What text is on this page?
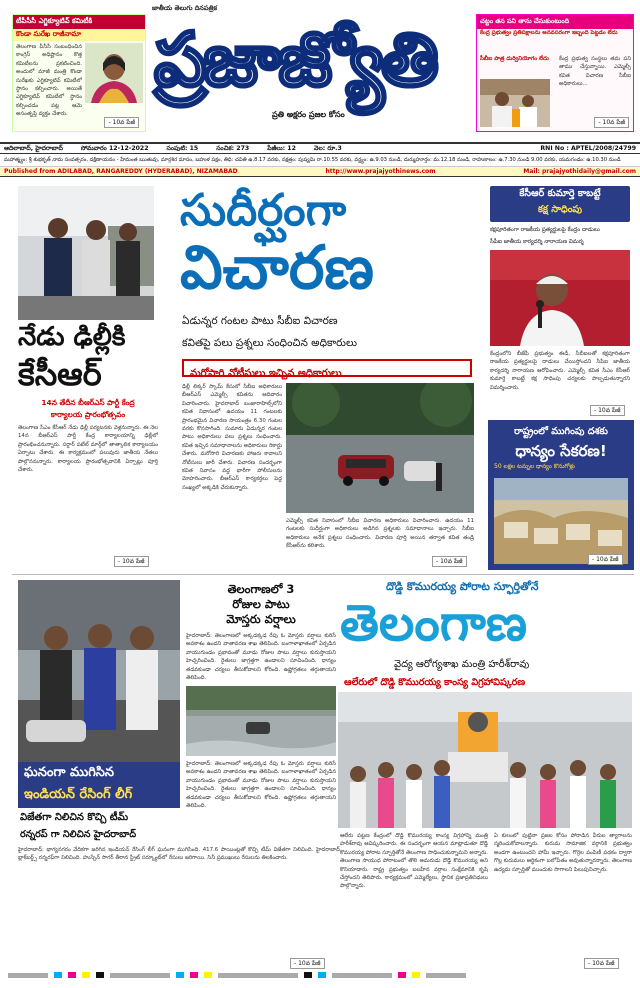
టీపీసీసీ ఎగ్జిక్యూటివ్ కమిటీకి
కొండా సురేఖ రాజీనామా
తెలంగాణ పీసీసీ సంబంధించిన కాంగ్రెస్ అధిష్టానం కొత్త కమిటీలను ప్రకటించింది. అందులో మాజీ మంత్రి కొండా సురేఖకు ఎగ్జిక్యూటివ్ కమిటీలో స్థానం కల్పించారు. అయితే ఎగ్జిక్యూటివ్ కమిటీలో స్థానం కల్పించడం పట్ల ఆమె అసంతృప్తి వ్యక్తం చేశారు.
- 10వ పేజీ
జాతీయ తెలుగు దినపత్రిక
ప్రజాజ్యోతి
ప్రతి అక్షరం ప్రజల కోసం
చట్టం తన పని తాను చేసుకుంటుంది
కేంద్ర ప్రభుత్వం ప్రతిపక్షాలను అనవసరంగా ఇబ్బంది పెట్టడం లేదు
సీబీఐ పాత్ర దుర్వినియోగం లేదు	కేంద్ర ప్రభుత్వ సంస్థలు తమ పని తాము చేస్తున్నాయి. ఎమ్మెల్సీ కవిత విచారణ సీబీఐ అధికారులు...
- 10వ పేజీ
ఆదిలాబాద్, హైదరాబాద్	సోమవారం 12-12-2022	సంపుటి: 15	సంచిక: 273	పేజీలు: 12	వెల: రూ.3	RNI No : APTEL/2008/24799
మహాత్మ్యం: శ్రీ శుభకృత్ నామ సంవత్సరం, దక్షిణాయనం - హేమంత ఋతువు, మార్గశిర మాసం, బహుళ పక్షం, తిధి: చవితి ఉ.8.17 వరకు, నక్షత్రం: పుష్యమి రా.10.55 వరకు, వర్జ్యం: ఉ.9.03 నుండి, దుర్ముహూర్తం: మ.12.18 నుండి, రాహుకాలం: ఉ.7.30 నుండి 9.00 వరకు, యమగండం: ఉ.10.30 నుండి
Published from ADILABAD, RANGAREDDY (HYDERABAD), NIZAMABAD	http://www.prajajyothinews.com	Mail: prajajyothidaily@gmail.com
నేడు ఢిల్లీకి
కేసీఆర్
14న తేదీన బీఆర్ఎస్ పార్టీ కేంద్ర
కార్యాలయ ప్రారంభోత్సవం
తెలంగాణ సీఎం కేసీఆర్ నేడు ఢిల్లీ పర్యటనకు వెళ్లనున్నారు. ఈ నెల 14న బీఆర్ఎస్ పార్టీ కేంద్ర కార్యాలయాన్ని ఢిల్లీలో ప్రారంభించనున్నారు. సర్దార్ పటేల్ మార్గ్‌లో తాత్కాలిక కార్యాలయం ఏర్పాటు చేశారు. ఈ కార్యక్రమంలో పలువురు జాతీయ నేతలు పాల్గొననున్నారు. కార్యాలయ ప్రారంభోత్సవానికి ఏర్పాట్లు పూర్తి చేశారు.
- 10వ పేజీ
సుదీర్ఘంగా
విచారణ
ఏడున్నర గంటల పాటు సీబీఐ విచారణ
కవితపై పలు ప్రశ్నలు సంధించిన అధికారులు
మరోసారి నోటీసులు ఇచ్చిన అధికారులు
ఢిల్లీ లిక్కర్ స్కామ్ కేసులో సీబీఐ అధికారులు బీఆర్ఎస్ ఎమ్మెల్సీ కవితను ఆదివారం విచారించారు. హైదరాబాద్ బంజారాహిల్స్‌లోని కవిత నివాసంలో ఉదయం 11 గంటలకు ప్రారంభమైన విచారణ సాయంత్రం 6.30 గంటల వరకు కొనసాగింది. సుమారు ఏడున్నర గంటల పాటు అధికారులు పలు ప్రశ్నలు సంధించారు. కవిత ఇచ్చిన సమాధానాలను అధికారులు రికార్డు చేశారు. మరోసారి విచారణకు హాజరు కావాలని నోటీసులు జారీ చేశారు. విచారణ సందర్భంగా కవిత నివాసం వద్ద భారీగా పోలీసులను మోహరించారు. బీఆర్ఎస్ కార్యకర్తలు పెద్ద సంఖ్యలో అక్కడికి చేరుకున్నారు.
ఎమ్మెల్సీ కవిత నివాసంలో సీబీఐ విచారణ అధికారులు విచారించారు. ఉదయం 11 గంటలకు సుదీర్ఘంగా అధికారులు అడిగిన ప్రశ్నలకు సమాధానాలు ఇచ్చారు. సీబీఐ అధికారులు అనేక ప్రశ్నలు సంధించారు. విచారణ పూర్తి అయిన తర్వాత కవిత తండ్రి కేసీఆర్‌ను కలిశారు.
- 10వ పేజీ
కేసీఆర్ కుమార్తె కాబట్టే
కక్ష సాధింపు
కక్షపూరితంగా రాజకీయ ప్రత్యర్థులపై కేంద్రం దాడులు
సీపీఐ జాతీయ కార్యదర్శి నారాయణ విమర్శ
కేంద్రంలోని బీజేపీ ప్రభుత్వం ఈడీ, సీబీఐలతో కక్షపూరితంగా రాజకీయ ప్రత్యర్థులపై దాడులు చేయిస్తోందని సీపీఐ జాతీయ కార్యదర్శి నారాయణ ఆరోపించారు. ఎమ్మెల్సీ కవిత సీఎం కేసీఆర్ కుమార్తె కాబట్టే కక్ష సాధింపు చర్యలకు పాల్పడుతున్నారని విమర్శించారు.
- 10వ పేజీ
రాష్ట్రంలో ముగింపు దశకు
ధాన్యం సేకరణ!
50 లక్షల టన్నుల ధాన్యం కొనుగోళ్లు
- 10వ పేజీ
ఘనంగా ముగిసిన
ఇండియన్ రేసింగ్ లీగ్
విజేతగా నిలిచిన కొచ్చి టీమ్
రన్నరప్ గా నిలిచిన హైదరాబాద్
హైదరాబాద్: భాగ్యనగరం వేదికగా జరిగిన ఇండియన్ రేసింగ్ లీగ్ ఘనంగా ముగిసింది. 417.6 పాయింట్లతో కొచ్చి టీమ్ విజేతగా నిలిచింది. హైదరాబాద్ బ్లాక్‌బర్డ్స్ రన్నరప్‌గా నిలిచింది. హుస్సేన్ సాగర్ తీరాన స్ట్రీట్ సర్క్యూట్‌లో రేసులు జరిగాయి. సినీ ప్రముఖులు రేసులను తిలకించారు.
- 10వ పేజీ
తెలంగాణలో 3
రోజుల పాటు
మోస్తరు వర్షాలు
హైదరాబాద్: తెలంగాణలో అక్కడక్కడ రేపు ఓ మోస్తరు వర్షాలు కురిసే అవకాశం ఉందని వాతావరణ శాఖ తెలిపింది. బంగాళాఖాతంలో ఏర్పడిన వాయుగుండం ప్రభావంతో మూడు రోజుల పాటు వర్షాలు కురుస్తాయని హెచ్చరించింది. రైతులు జాగ్రత్తగా ఉండాలని సూచించింది. ధాన్యం తడవకుండా చర్యలు తీసుకోవాలని కోరింది. ఉష్ణోగ్రతలు తగ్గుతాయని తెలిపింది.
హైదరాబాద్: తెలంగాణలో అక్కడక్కడ రేపు ఓ మోస్తరు వర్షాలు కురిసే అవకాశం ఉందని వాతావరణ శాఖ తెలిపింది. బంగాళాఖాతంలో ఏర్పడిన వాయుగుండం ప్రభావంతో మూడు రోజుల పాటు వర్షాలు కురుస్తాయని హెచ్చరించింది. రైతులు జాగ్రత్తగా ఉండాలని సూచించింది. ధాన్యం తడవకుండా చర్యలు తీసుకోవాలని కోరింది. ఉష్ణోగ్రతలు తగ్గుతాయని తెలిపింది.
దొడ్డి కొమురయ్య పోరాట స్ఫూర్తితోనే
తెలంగాణ
వైద్య ఆరోగ్యశాఖ మంత్రి హరీశ్‌రావు
ఆలేరులో దొడ్డి కొమురయ్య కాంస్య విగ్రహావిష్కరణ
ఆలేరు పట్టణ కేంద్రంలో దొడ్డి కొమురయ్య కాంస్య విగ్రహాన్ని మంత్రి హరీశ్‌రావు ఆవిష్కరించారు. ఈ సందర్భంగా ఆయన మాట్లాడుతూ దొడ్డి కొమురయ్య పోరాట స్ఫూర్తితోనే తెలంగాణ సాధించుకున్నామని అన్నారు. తెలంగాణ సాయుధ పోరాటంలో తొలి అమరుడు దొడ్డి కొమురయ్య అని కొనియాడారు. రాష్ట్ర ప్రభుత్వం బలహీన వర్గాల సంక్షేమానికి కృషి చేస్తోందని తెలిపారు. కార్యక్రమంలో ఎమ్మెల్యేలు, స్థానిక ప్రజాప్రతినిధులు పాల్గొన్నారు.
ఏ కులంలో పుట్టినా ప్రజల కోసం పోరాడిన వీరుల త్యాగాలను స్మరించుకోవాలన్నారు. కురుమ సామాజిక వర్గానికి ప్రభుత్వం అండగా ఉంటుందని హామీ ఇచ్చారు. గొర్రెల పంపిణీ పథకం ద్వారా గొల్ల కురుమలు ఆర్థికంగా బలోపేతం అవుతున్నారన్నారు. తెలంగాణ ఉద్యమ స్ఫూర్తితో ముందుకు సాగాలని పిలుపునిచ్చారు.
- 10వ పేజీ
